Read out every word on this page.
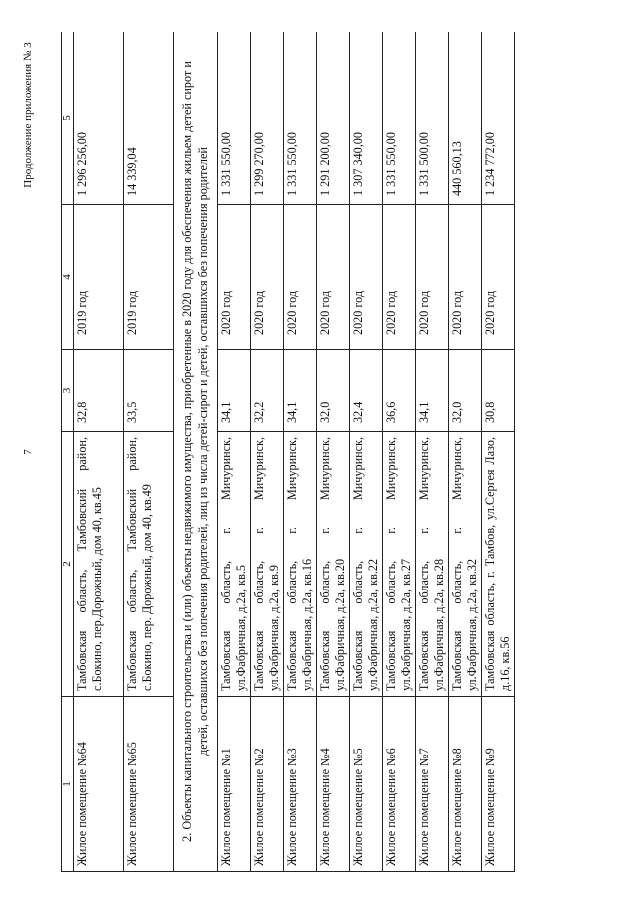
7
Продолжение приложения № 3
1	2	3	4	5
Жилое помещение №64	Тамбовская область, Тамбовский район, с.Бокино, пер.Дорожный, дом 40, кв.45	32,8	2019 год	1 296 256,00
Жилое помещение №65	Тамбовская область, Тамбовский район, с.Бокино, пер. Дорожный, дом 40, кв.49	33,5	2019 год	14 339,04
2. Объекты капитального строительства и (или) объекты недвижимого имущества, приобретенные в 2020 году для обеспечения жильем детей сирот и детей, оставшихся без попечения родителей, лиц из числа детей-сирот и детей, оставшихся без попечения родителей				
Жилое помещение №1	Тамбовская область, г. Мичуринск, ул.Фабричная, д.2а, кв.5	34,1	2020 год	1 331 550,00
Жилое помещение №2	Тамбовская область, г. Мичуринск, ул.Фабричная, д.2а, кв.9	32,2	2020 год	1 299 270,00
Жилое помещение №3	Тамбовская область, г. Мичуринск, ул.Фабричная, д.2а, кв.16	34,1	2020 год	1 331 550,00
Жилое помещение №4	Тамбовская область, г. Мичуринск, ул.Фабричная, д.2а, кв.20	32,0	2020 год	1 291 200,00
Жилое помещение №5	Тамбовская область, г. Мичуринск, ул.Фабричная, д.2а, кв.22	32,4	2020 год	1 307 340,00
Жилое помещение №6	Тамбовская область, г. Мичуринск, ул.Фабричная, д.2а, кв.27	36,6	2020 год	1 331 550,00
Жилое помещение №7	Тамбовская область, г. Мичуринск, ул.Фабричная, д.2а, кв.28	34,1	2020 год	1 331 500,00
Жилое помещение №8	Тамбовская область, г. Мичуринск, ул.Фабричная, д.2а, кв.32	32,0	2020 год	440 560,13
Жилое помещение №9	Тамбовская область, г. Тамбов, ул.Сергея Лазо, д.16, кв.56	30,8	2020 год	1 234 772,00
